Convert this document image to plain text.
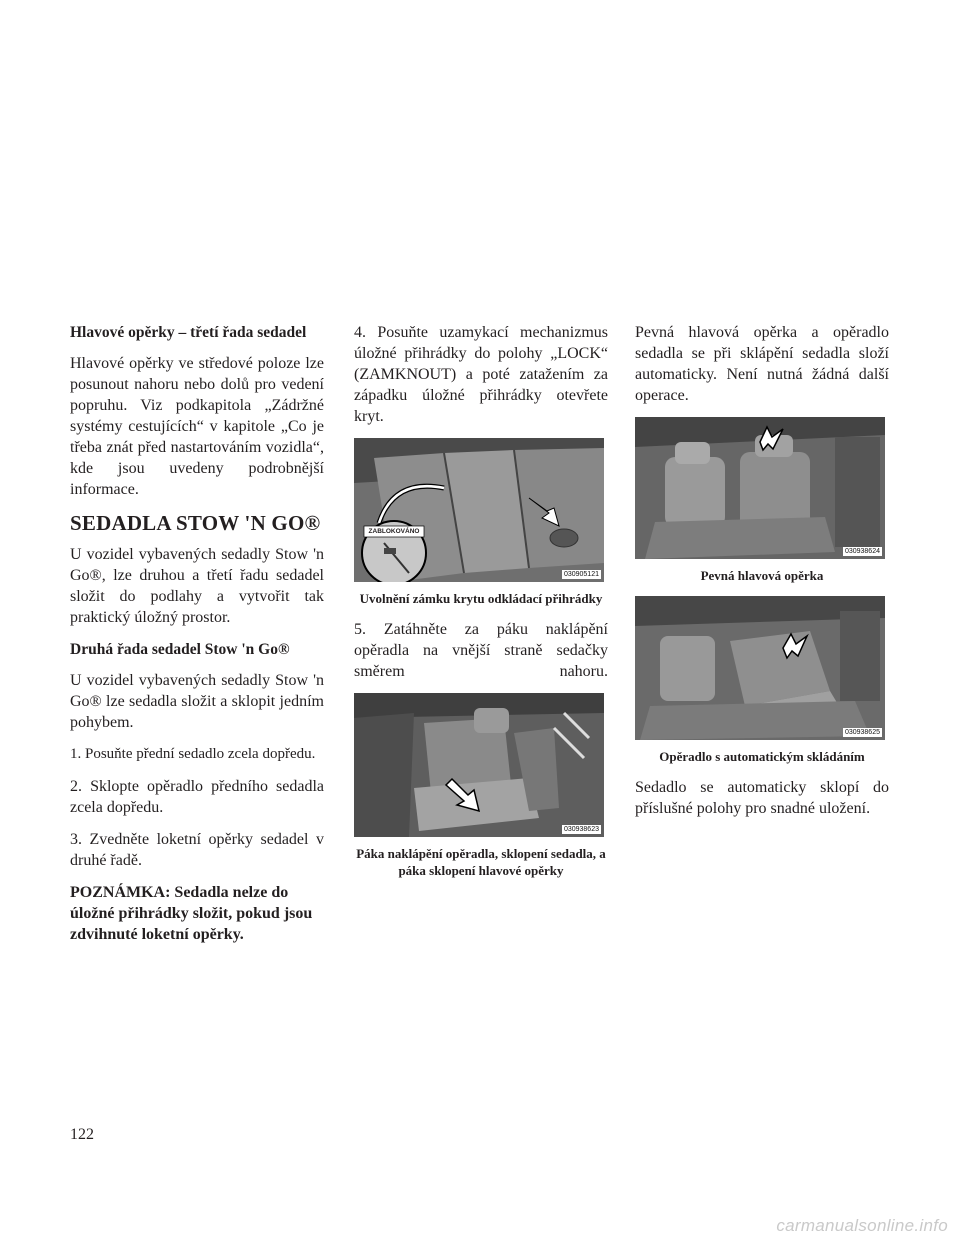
Hlavové opěrky – třetí řada sedadel

Hlavové opěrky ve středové poloze lze posunout nahoru nebo dolů pro vedení popruhu. Viz podkapitola „Zádržné systémy cestujících“ v kapitole „Co je třeba znát před nastartováním vozidla“, kde jsou uvedeny podrobnější informace.

SEDADLA STOW 'N GO®

U vozidel vybavených sedadly Stow 'n Go®, lze druhou a třetí řadu sedadel složit do podlahy a vytvořit tak praktický úložný prostor.

Druhá řada sedadel Stow 'n Go®

U vozidel vybavených sedadly Stow 'n Go® lze sedadla složit a sklopit jedním pohybem.

1. Posuňte přední sedadlo zcela dopředu.

2. Sklopte opěradlo předního sedadla zcela dopředu.

3. Zvedněte loketní opěrky sedadel v druhé řadě.

POZNÁMKA: Sedadla nelze do úložné přihrádky složit, pokud jsou zdvihnuté loketní opěrky.

4. Posuňte uzamykací mechanizmus úložné přihrádky do polohy „LOCK“ (ZAMKNOUT) a poté zatažením za západku úložné přihrádky otevřete kryt.

ZABLOKOVÁNO
030905121
Uvolnění zámku krytu odkládací přihrádky

5. Zatáhněte za páku naklápění opěradla na vnější straně sedačky směrem nahoru.

030938623
Páka naklápění opěradla, sklopení sedadla, a páka sklopení hlavové opěrky

Pevná hlavová opěrka a opěradlo sedadla se při sklápění sedadla složí automaticky. Není nutná žádná další operace.

030938624
Pevná hlavová opěrka
030938625
Opěradlo s automatickým skládáním

Sedadlo se automaticky sklopí do příslušné polohy pro snadné uložení.

122
carmanualsonline.info
